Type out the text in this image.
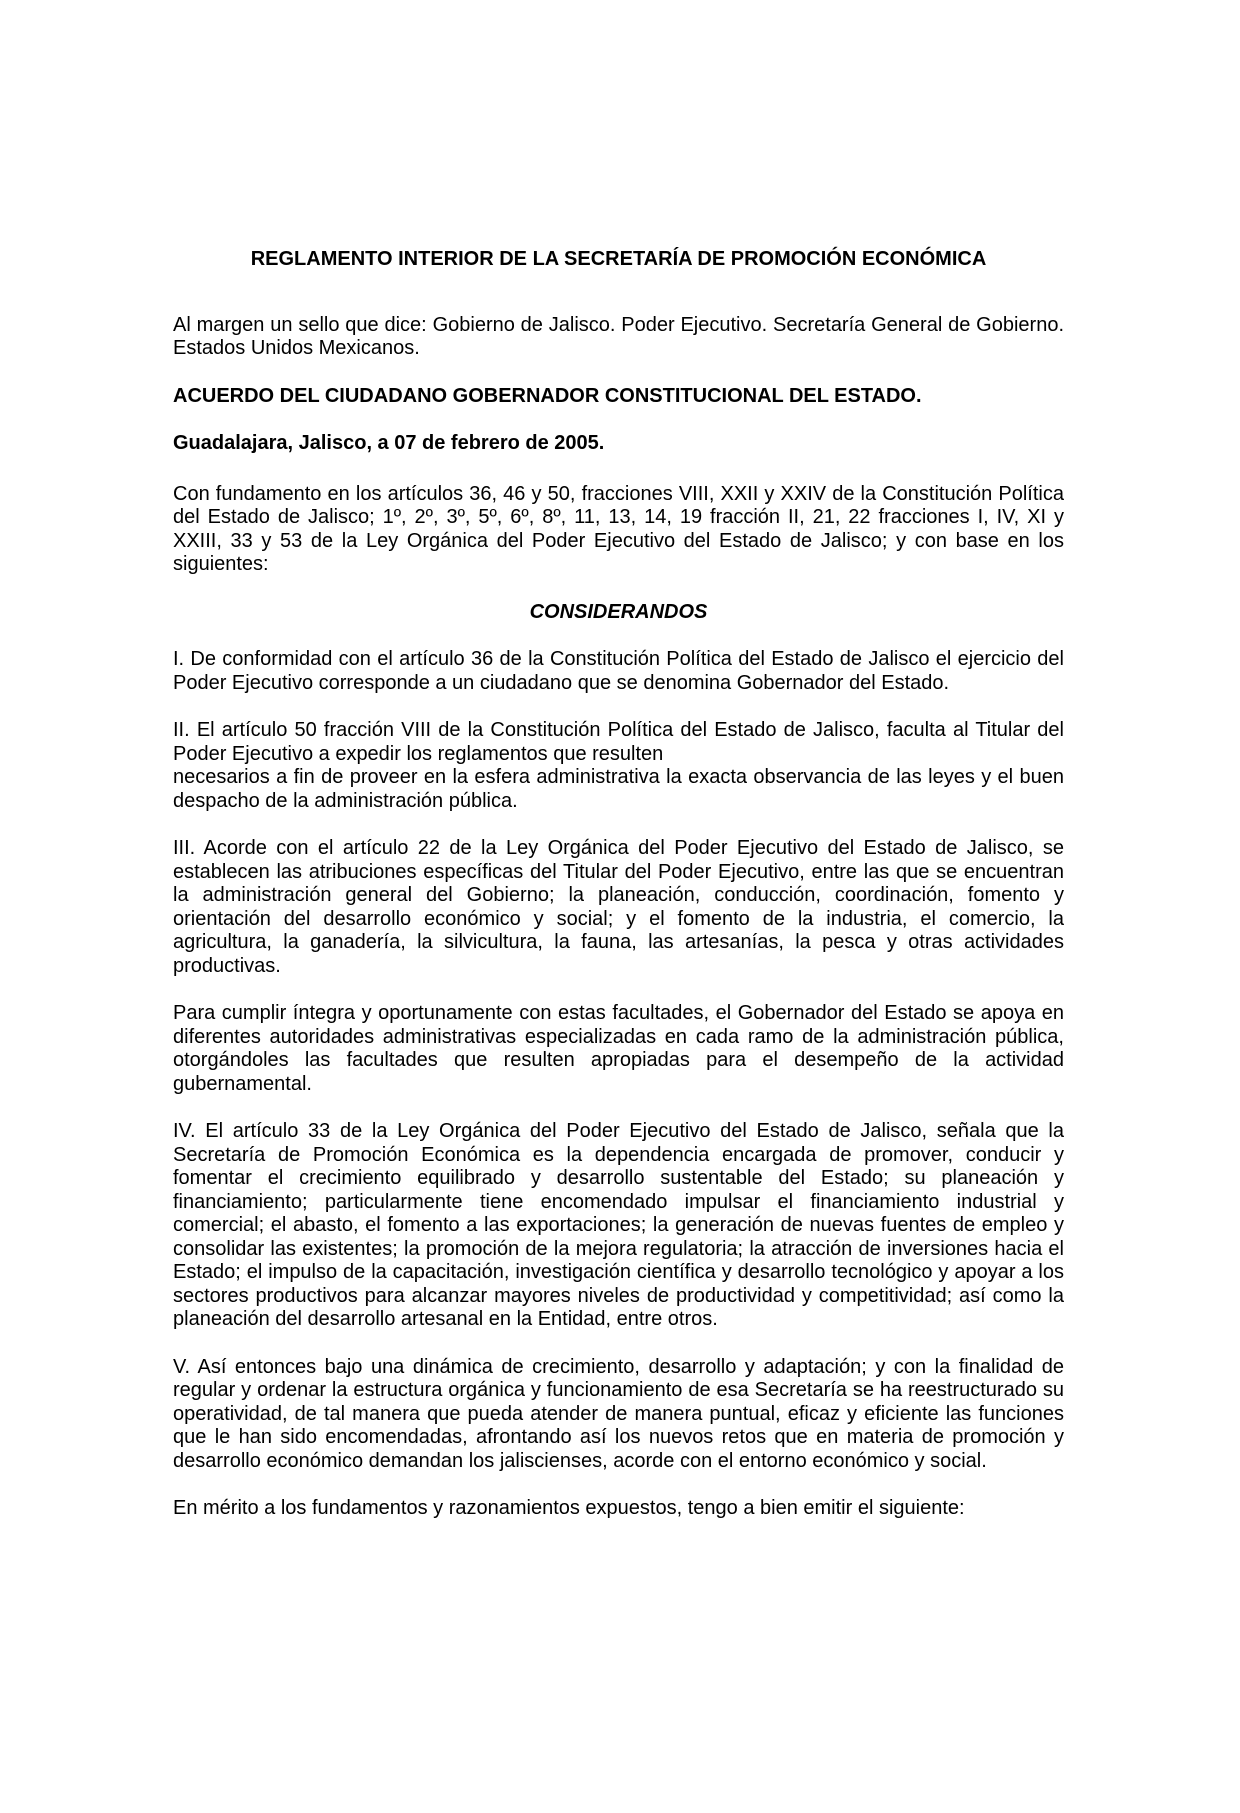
REGLAMENTO INTERIOR DE LA SECRETARÍA DE PROMOCIÓN ECONÓMICA

Al margen un sello que dice: Gobierno de Jalisco. Poder Ejecutivo. Secretaría General de Gobierno. Estados Unidos Mexicanos.

ACUERDO DEL CIUDADANO GOBERNADOR CONSTITUCIONAL DEL ESTADO.

Guadalajara, Jalisco, a 07 de febrero de 2005.

Con fundamento en los artículos 36, 46 y 50, fracciones VIII, XXII y XXIV de la Constitución Política del Estado de Jalisco; 1º, 2º, 3º, 5º, 6º, 8º, 11, 13, 14, 19 fracción II, 21, 22 fracciones I, IV, XI y XXIII, 33 y 53 de la Ley Orgánica del Poder Ejecutivo del Estado de Jalisco; y con base en los siguientes:

CONSIDERANDOS

I. De conformidad con el artículo 36 de la Constitución Política del Estado de Jalisco el ejercicio del Poder Ejecutivo corresponde a un ciudadano que se denomina Gobernador del Estado.

II. El artículo 50 fracción VIII de la Constitución Política del Estado de Jalisco, faculta al Titular del Poder Ejecutivo a expedir los reglamentos que resulten
necesarios a fin de proveer en la esfera administrativa la exacta observancia de las leyes y el buen despacho de la administración pública.

III. Acorde con el artículo 22 de la Ley Orgánica del Poder Ejecutivo del Estado de Jalisco, se establecen las atribuciones específicas del Titular del Poder Ejecutivo, entre las que se encuentran la administración general del Gobierno; la planeación, conducción, coordinación, fomento y orientación del desarrollo económico y social; y el fomento de la industria, el comercio, la agricultura, la ganadería, la silvicultura, la fauna, las artesanías, la pesca y otras actividades productivas.

Para cumplir íntegra y oportunamente con estas facultades, el Gobernador del Estado se apoya en diferentes autoridades administrativas especializadas en cada ramo de la administración pública, otorgándoles las facultades que resulten apropiadas para el desempeño de la actividad gubernamental.

IV. El artículo 33 de la Ley Orgánica del Poder Ejecutivo del Estado de Jalisco, señala que la Secretaría de Promoción Económica es la dependencia encargada de promover, conducir y fomentar el crecimiento equilibrado y desarrollo sustentable del Estado; su planeación y financiamiento; particularmente tiene encomendado impulsar el financiamiento industrial y comercial; el abasto, el fomento a las exportaciones; la generación de nuevas fuentes de empleo y consolidar las existentes; la promoción de la mejora regulatoria; la atracción de inversiones hacia el Estado; el impulso de la capacitación, investigación científica y desarrollo tecnológico y apoyar a los sectores productivos para alcanzar mayores niveles de productividad y competitividad; así como la planeación del desarrollo artesanal en la Entidad, entre otros.

V. Así entonces bajo una dinámica de crecimiento, desarrollo y adaptación; y con la finalidad de regular y ordenar la estructura orgánica y funcionamiento de esa Secretaría se ha reestructurado su operatividad, de tal manera que pueda atender de manera puntual, eficaz y eficiente las funciones que le han sido encomendadas, afrontando así los nuevos retos que en materia de promoción y desarrollo económico demandan los jaliscienses, acorde con el entorno económico y social.

En mérito a los fundamentos y razonamientos expuestos, tengo a bien emitir el siguiente:
